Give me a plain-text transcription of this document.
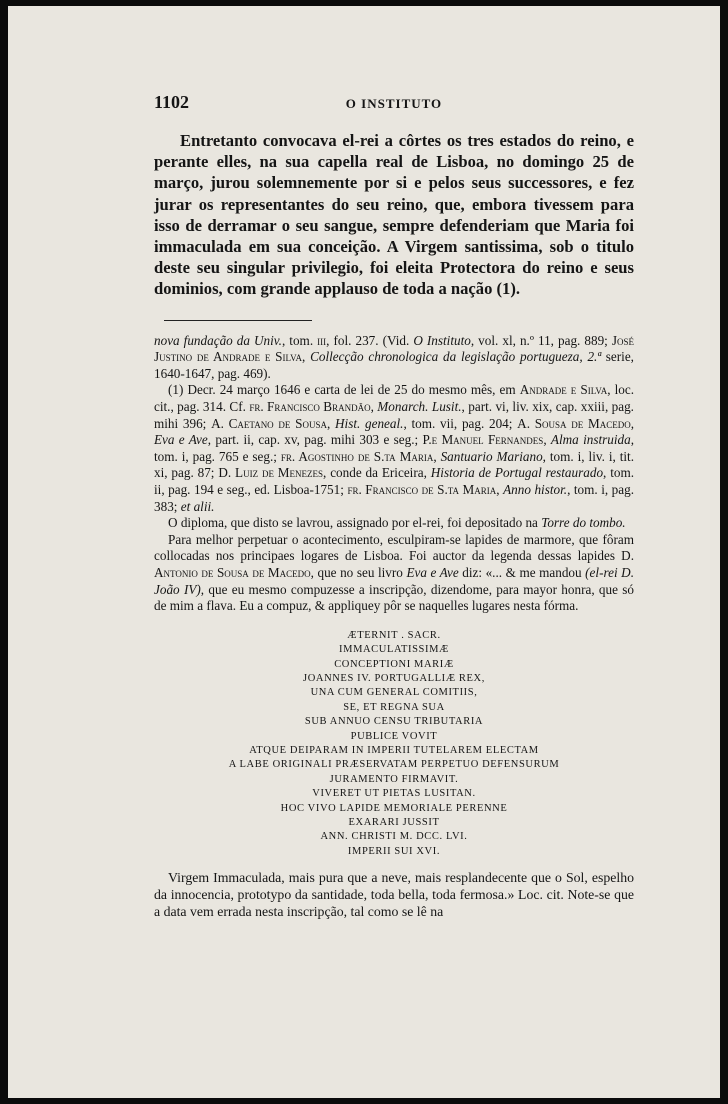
1102	O INSTITUTO

Entretanto convocava el-rei a côrtes os tres estados do reino, e perante elles, na sua capella real de Lisboa, no domingo 25 de março, jurou solemnemente por si e pelos seus successores, e fez jurar os representantes do seu reino, que, embora tivessem para isso de derramar o seu sangue, sempre defenderiam que Maria foi immaculada em sua conceição. A Virgem santissima, sob o titulo deste seu singular privilegio, foi eleita Protectora do reino e seus dominios, com grande applauso de toda a nação (1).

nova fundação da Univ., tom. iii, fol. 237. (Vid. O Instituto, vol. xl, n.º 11, pag. 889; José Justino de Andrade e Silva, Collecção chronologica da legislação portugueza, 2.ª serie, 1640-1647, pag. 469).

(1) Decr. 24 março 1646 e carta de lei de 25 do mesmo mês, em Andrade e Silva, loc. cit., pag. 314. Cf. fr. Francisco Brandão, Monarch. Lusit., part. vi, liv. xix, cap. xxiii, pag. mihi 396; A. Caetano de Sousa, Hist. geneal., tom. vii, pag. 204; A. Sousa de Macedo, Eva e Ave, part. ii, cap. xv, pag. mihi 303 e seg.; P.e Manuel Fernandes, Alma instruida, tom. i, pag. 765 e seg.; fr. Agostinho de S.ta Maria, Santuario Mariano, tom. i, liv. i, tit. xi, pag. 87; D. Luiz de Menezes, conde da Ericeira, Historia de Portugal restaurado, tom. ii, pag. 194 e seg., ed. Lisboa-1751; fr. Francisco de S.ta Maria, Anno histor., tom. i, pag. 383; et alii.

O diploma, que disto se lavrou, assignado por el-rei, foi depositado na Torre do tombo.

Para melhor perpetuar o acontecimento, esculpiram-se lapides de marmore, que fôram collocadas nos principaes logares de Lisboa. Foi auctor da legenda dessas lapides D. Antonio de Sousa de Macedo, que no seu livro Eva e Ave diz: «... & me mandou (el-rei D. João IV), que eu mesmo compuzesse a inscripção, dizendome, para mayor honra, que só de mim a flava. Eu a compuz, & appliquey pôr se naquelles lugares nesta fórma.

ÆTERNIT . SACR.
IMMACULATISSIMÆ
CONCEPTIONI MARIÆ
JOANNES IV. PORTUGALLIÆ REX,
UNA CUM GENERAL COMITIIS,
SE, ET REGNA SUA
SUB ANNUO CENSU TRIBUTARIA
PUBLICE VOVIT
ATQUE DEIPARAM IN IMPERII TUTELAREM ELECTAM
A LABE ORIGINALI PRÆSERVATAM PERPETUO DEFENSURUM
JURAMENTO FIRMAVIT.
VIVERET UT PIETAS LUSITAN.
HOC VIVO LAPIDE MEMORIALE PERENNE
EXARARI JUSSIT
ANN. CHRISTI M. DCC. LVI.
IMPERII SUI XVI.

Virgem Immaculada, mais pura que a neve, mais resplandecente que o Sol, espelho da innocencia, prototypo da santidade, toda bella, toda fermosa.» Loc. cit. Note-se que a data vem errada nesta inscripção, tal como se lê na
